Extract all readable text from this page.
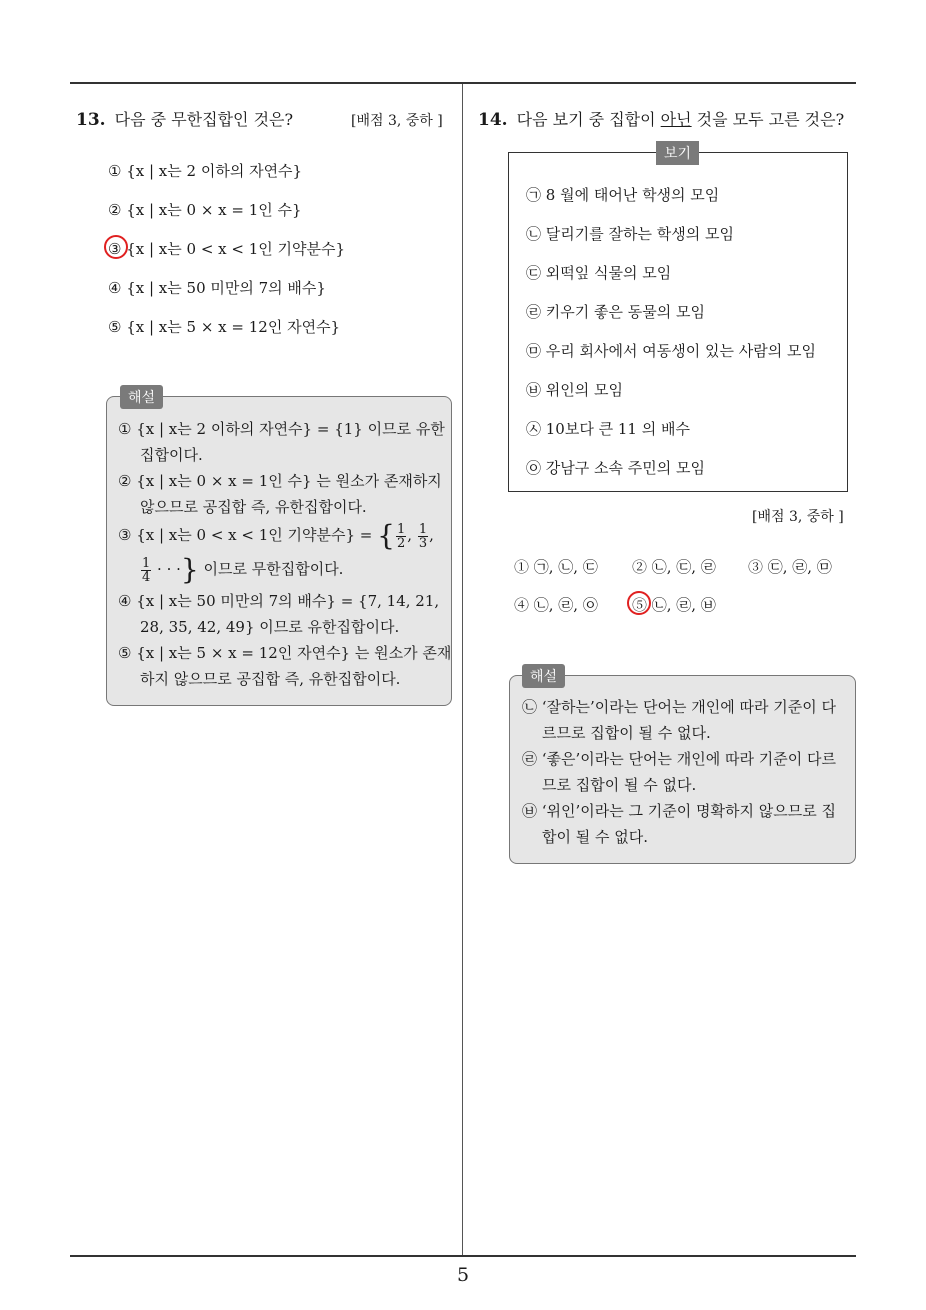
5
13. 다음 중 무한집합인 것은?	[배점 3, 중하 ]
① {x | x는 2 이하의 자연수}
② {x | x는 0 × x = 1인 수}
③ {x | x는 0 < x < 1인 기약분수}
④ {x | x는 50 미만의 7의 배수}
⑤ {x | x는 5 × x = 12인 자연수}
해설
① {x | x는 2 이하의 자연수} = {1} 이므로 유한
집합이다.
② {x | x는 0 × x = 1인 수} 는 원소가 존재하지
않으므로 공집합 즉, 유한집합이다.
③ {x | x는 0 < x < 1인 기약분수} = { $\frac{1}{2}$ , $\frac{1}{3}$ ,
$\frac{1}{4}$ · · ·} 이므로 무한집합이다.
④ {x | x는 50 미만의 7의 배수} = {7, 14, 21,
28, 35, 42, 49} 이므로 유한집합이다.
⑤ {x | x는 5 × x = 12인 자연수} 는 원소가 존재
하지 않으므로 공집합 즉, 유한집합이다.
14. 다음 보기 중 집합이 아닌 것을 모두 고른 것은?
보기
㉠ 8 월에 태어난 학생의 모임
㉡ 달리기를 잘하는 학생의 모임
㉢ 외떡잎 식물의 모임
㉣ 키우기 좋은 동물의 모임
㉤ 우리 회사에서 여동생이 있는 사람의 모임
㉥ 위인의 모임
㉦ 10보다 큰 11 의 배수
㉧ 강남구 소속 주민의 모임
[배점 3, 중하 ]
① ㉠, ㉡, ㉢ ② ㉡, ㉢, ㉣ ③ ㉢, ㉣, ㉤
④ ㉡, ㉣, ㉧ ⑤ ㉡, ㉣, ㉥
해설
㉡ ‘잘하는’이라는 단어는 개인에 따라 기준이 다
르므로 집합이 될 수 없다.
㉣ ‘좋은’이라는 단어는 개인에 따라 기준이 다르
므로 집합이 될 수 없다.
㉥ ‘위인’이라는 그 기준이 명확하지 않으므로 집
합이 될 수 없다.
